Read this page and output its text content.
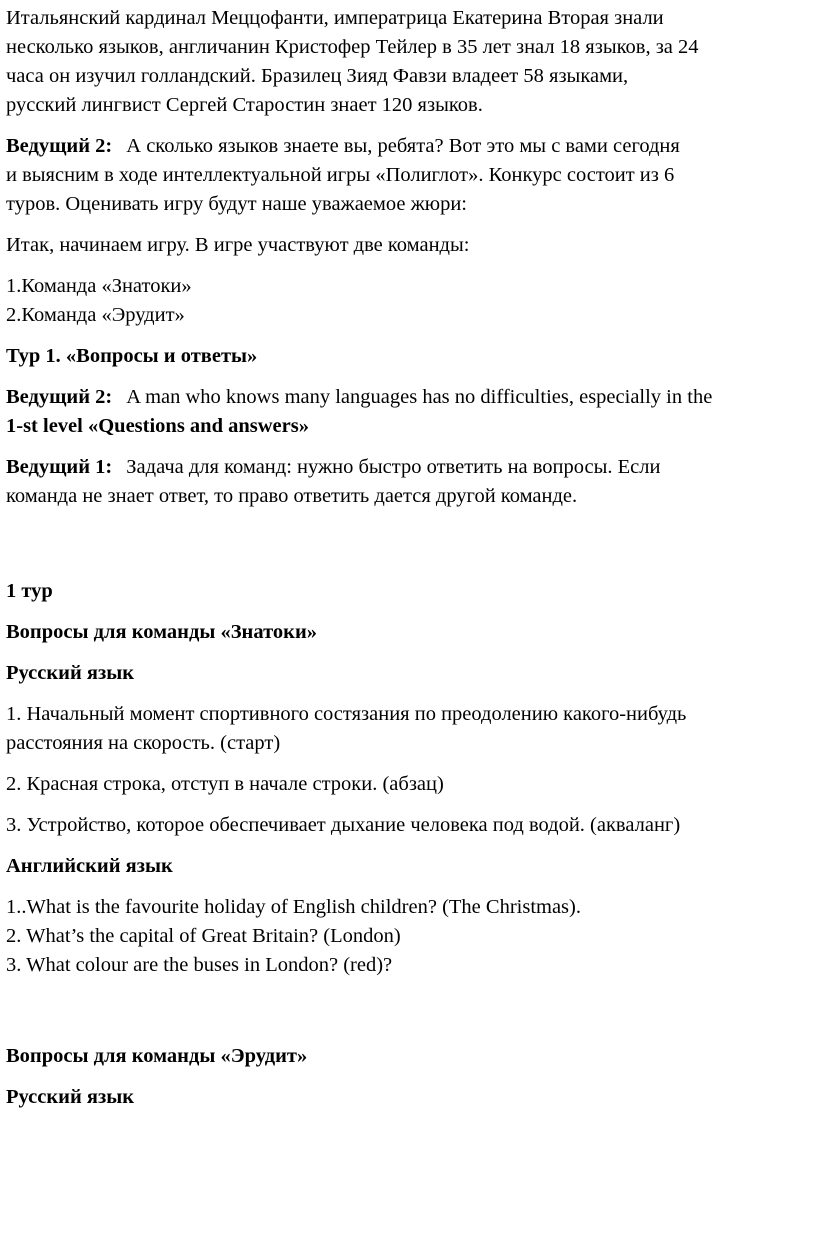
Итальянский кардинал Меццофанти, императрица Екатерина Вторая знали
несколько языков, англичанин Кристофер Тейлер в 35 лет знал 18 языков, за 24
часа он изучил голландский. Бразилец Зияд Фавзи владеет 58 языками,
русский лингвист Сергей Старостин знает 120 языков.

Ведущий 2: А сколько языков знаете вы, ребята? Вот это мы с вами сегодня
и выясним в ходе интеллектуальной игры «Полиглот». Конкурс состоит из 6
туров. Оценивать игру будут наше уважаемое жюри:

Итак, начинаем игру. В игре участвуют две команды:

1.Команда «Знатоки»
2.Команда «Эрудит»

Тур 1. «Вопросы и ответы»

Ведущий 2: A man who knows many languages has no difficulties, especially in the
1-st level «Questions and answers»

Ведущий 1: Задача для команд: нужно быстро ответить на вопросы. Если
команда не знает ответ, то право ответить дается другой команде.

1 тур

Вопросы для команды «Знатоки»

Русский язык

1. Начальный момент спортивного состязания по преодолению какого-нибудь
расстояния на скорость. (старт)

2. Красная строка, отступ в начале строки. (абзац)

3. Устройство, которое обеспечивает дыхание человека под водой. (акваланг)

Английский язык

1..What is the favourite holiday of English children? (The Christmas).
2. What’s the capital of Great Britain? (London)
3. What colour are the buses in London? (red)?

Вопросы для команды «Эрудит»

Русский язык
